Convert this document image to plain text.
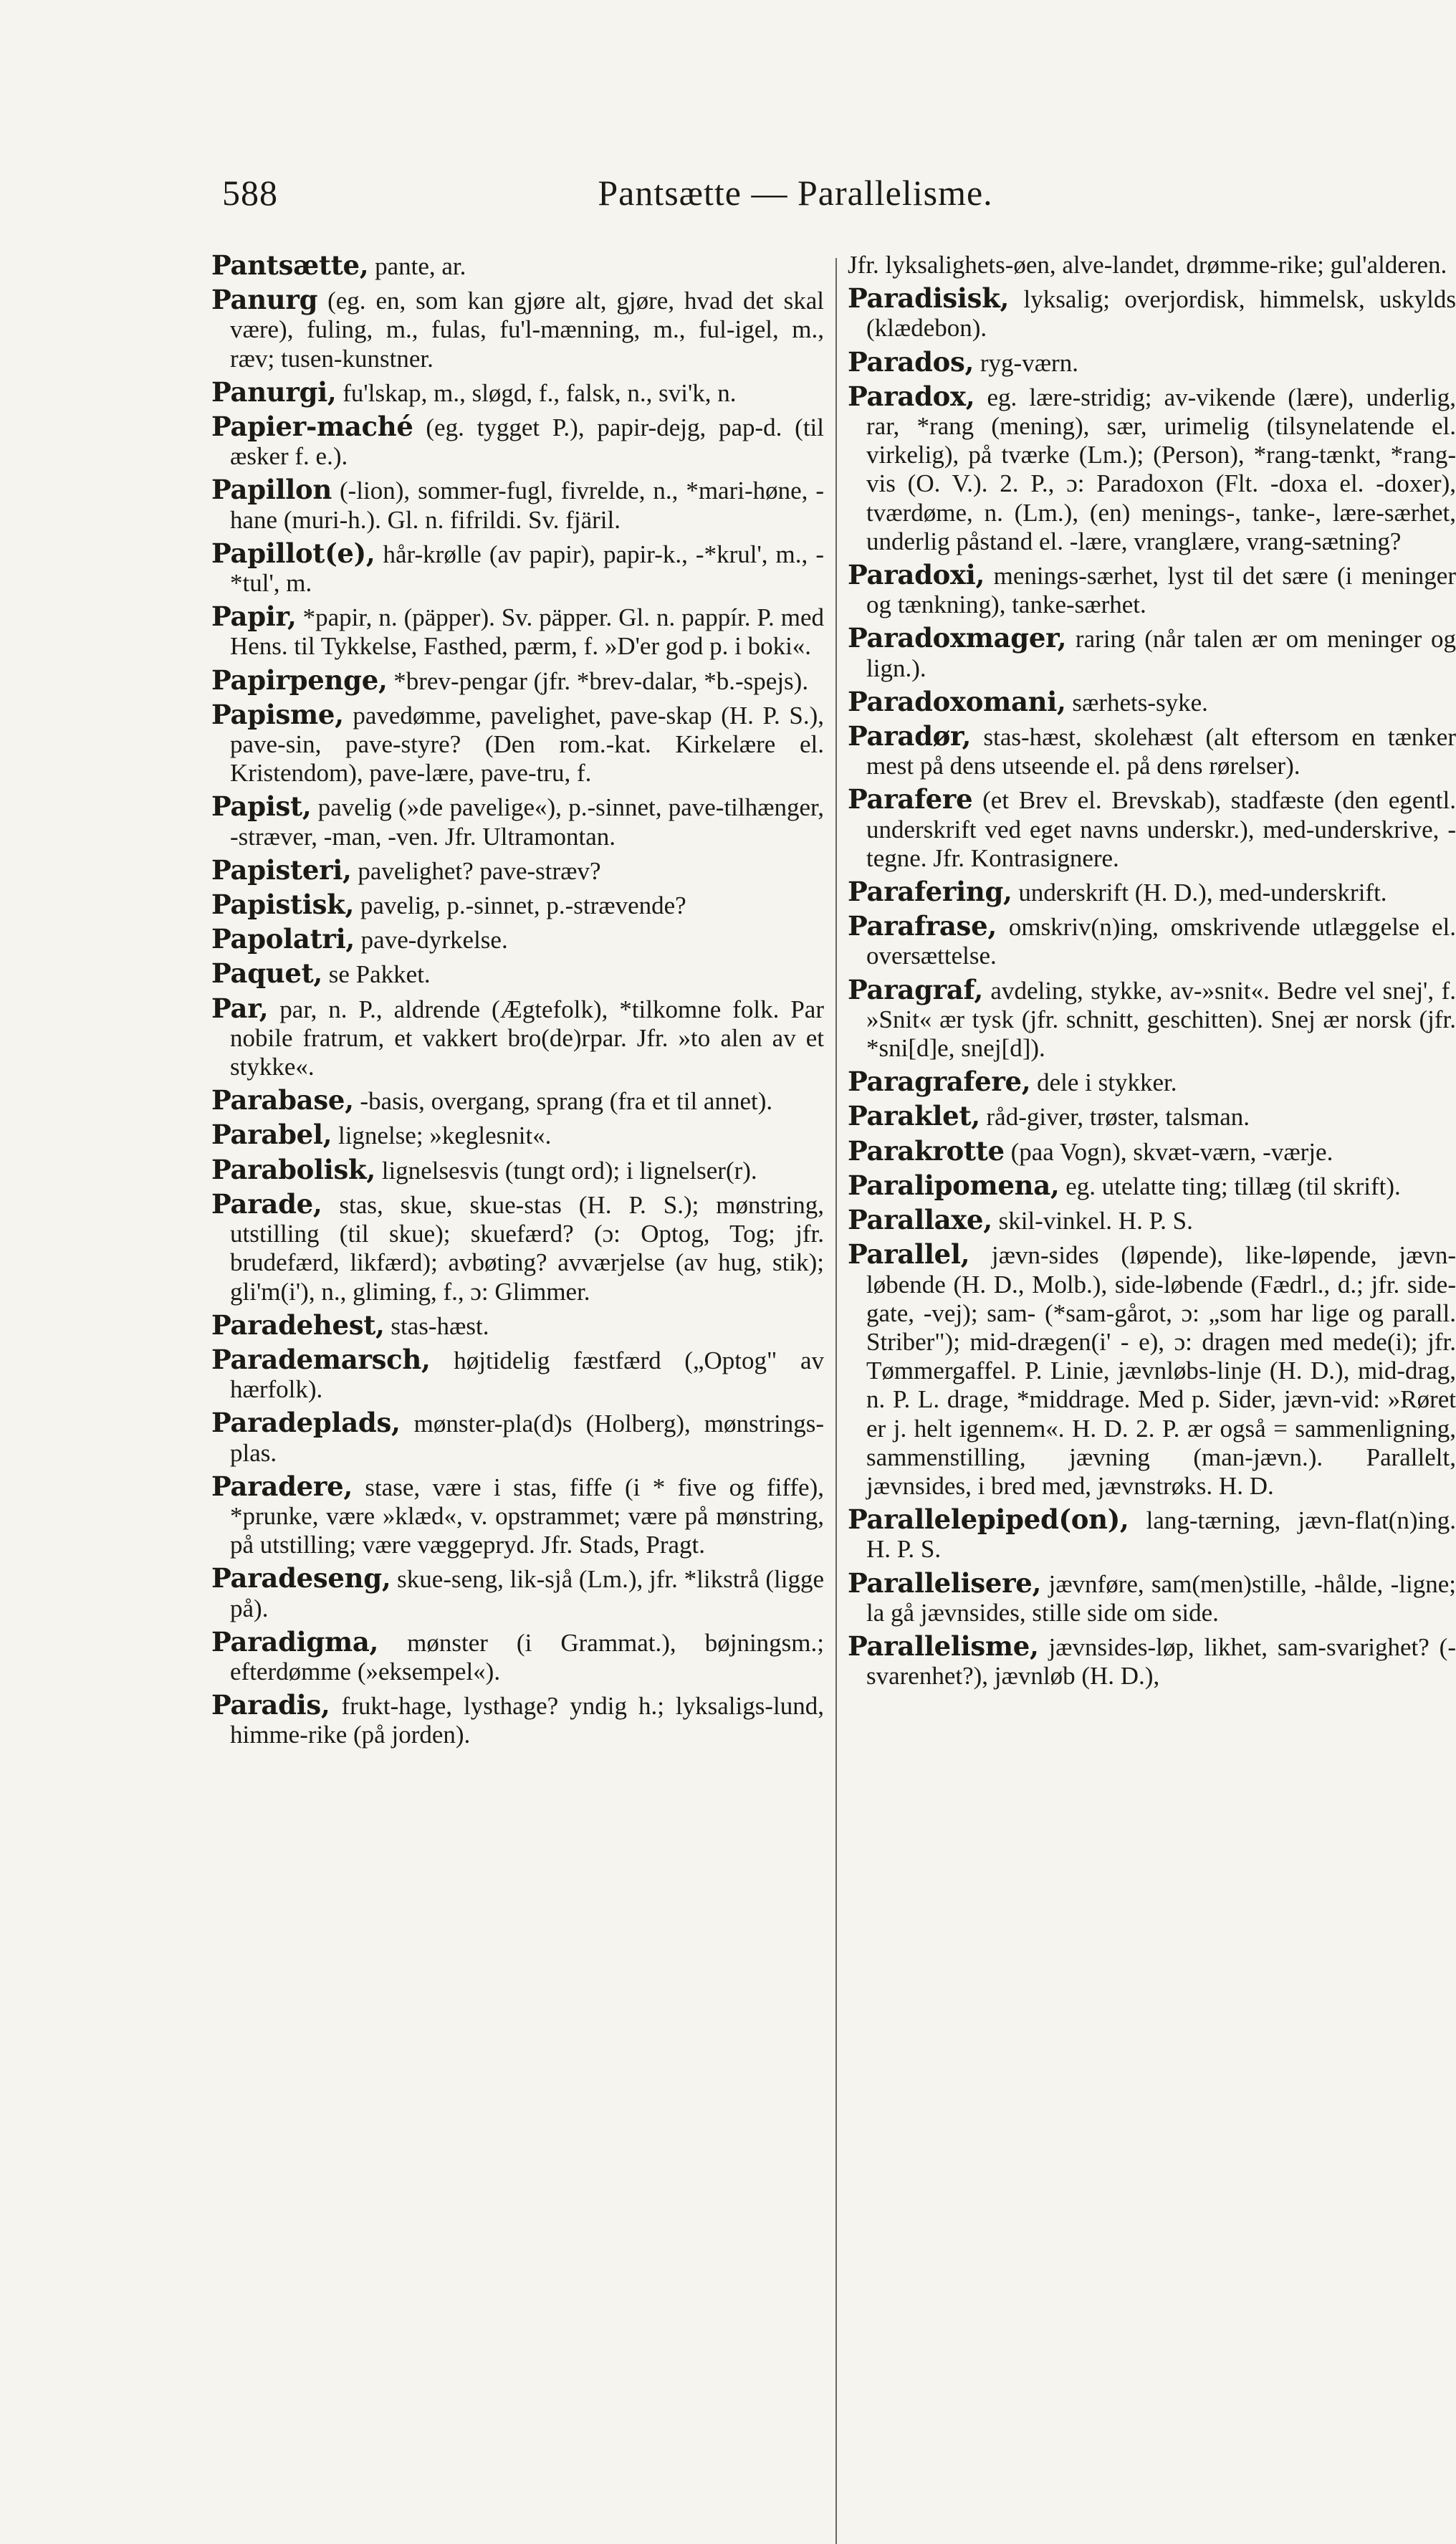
588	Pantsætte — Parallelisme.

Pantsætte, pante, ar.

Panurg (eg. en, som kan gjøre alt, gjøre, hvad det skal være), fuling, m., fulas, fu'l-mænning, m., ful-igel, m., ræv; tusen-kunstner.

Panurgi, fu'lskap, m., sløgd, f., falsk, n., svi'k, n.

Papier-maché (eg. tygget P.), papir-dejg, pap-d. (til æsker f. e.).

Papillon (-lion), sommer-fugl, fivrelde, n., *mari-høne, -hane (muri-h.). Gl. n. fifrildi. Sv. fjäril.

Papillot(e), hår-krølle (av papir), papir-k., -*krul', m., -*tul', m.

Papir, *papir, n. (päpper). Sv. päpper. Gl. n. pappír. P. med Hens. til Tykkelse, Fasthed, pærm, f. »D'er god p. i boki«.

Papirpenge, *brev-pengar (jfr. *brev-dalar, *b.-spejs).

Papisme, pavedømme, pavelighet, pave-skap (H. P. S.), pave-sin, pave-styre? (Den rom.-kat. Kirkelære el. Kristendom), pave-lære, pave-tru, f.

Papist, pavelig (»de pavelige«), p.-sinnet, pave-tilhænger, -stræver, -man, -ven. Jfr. Ultramontan.

Papisteri, pavelighet? pave-stræv?

Papistisk, pavelig, p.-sinnet, p.-strævende?

Papolatri, pave-dyrkelse.

Paquet, se Pakket.

Par, par, n. P., aldrende (Ægtefolk), *tilkomne folk. Par nobile fratrum, et vakkert bro(de)rpar. Jfr. »to alen av et stykke«.

Parabase, -basis, overgang, sprang (fra et til annet).

Parabel, lignelse; »keglesnit«.

Parabolisk, lignelsesvis (tungt ord); i lignelser(r).

Parade, stas, skue, skue-stas (H. P. S.); mønstring, utstilling (til skue); skuefærd? (ɔ: Optog, Tog; jfr. brudefærd, likfærd); avbøting? avværjelse (av hug, stik); gli'm(i'), n., gliming, f., ɔ: Glimmer.

Paradehest, stas-hæst.

Parademarsch, højtidelig fæstfærd („Optog" av hærfolk).

Paradeplads, mønster-pla(d)s (Holberg), mønstrings-plas.

Paradere, stase, være i stas, fiffe (i * five og fiffe), *prunke, være »klæd«, v. opstrammet; være på mønstring, på utstilling; være væggepryd. Jfr. Stads, Pragt.

Paradeseng, skue-seng, lik-sjå (Lm.), jfr. *likstrå (ligge på).

Paradigma, mønster (i Grammat.), bøjningsm.; efterdømme (»eksempel«).

Paradis, frukt-hage, lysthage? yndig h.; lyksaligs-lund, himme-rike (på jorden).

Jfr. lyksalighets-øen, alve-landet, drømme-rike; gul'alderen.

Paradisisk, lyksalig; overjordisk, himmelsk, uskylds (klædebon).

Parados, ryg-værn.

Paradox, eg. lære-stridig; av-vikende (lære), underlig, rar, *rang (mening), sær, urimelig (tilsynelatende el. virkelig), på tværke (Lm.); (Person), *rang-tænkt, *rang-vis (O. V.). 2. P., ɔ: Paradoxon (Flt. -doxa el. -doxer), tværdøme, n. (Lm.), (en) menings-, tanke-, lære-særhet, underlig påstand el. -lære, vranglære, vrang-sætning?

Paradoxi, menings-særhet, lyst til det sære (i meninger og tænkning), tanke-særhet.

Paradoxmager, raring (når talen ær om meninger og lign.).

Paradoxomani, særhets-syke.

Paradør, stas-hæst, skolehæst (alt eftersom en tænker mest på dens utseende el. på dens rørelser).

Parafere (et Brev el. Brevskab), stadfæste (den egentl. underskrift ved eget navns underskr.), med-underskrive, -tegne. Jfr. Kontrasignere.

Parafering, underskrift (H. D.), med-underskrift.

Parafrase, omskriv(n)ing, omskrivende utlæggelse el. oversættelse.

Paragraf, avdeling, stykke, av-»snit«. Bedre vel snej', f. »Snit« ær tysk (jfr. schnitt, geschitten). Snej ær norsk (jfr. *sni[d]e, snej[d]).

Paragrafere, dele i stykker.

Paraklet, råd-giver, trøster, talsman.

Parakrotte (paa Vogn), skvæt-værn, -værje.

Paralipomena, eg. utelatte ting; tillæg (til skrift).

Parallaxe, skil-vinkel. H. P. S.

Parallel, jævn-sides (løpende), like-løpende, jævn-løbende (H. D., Molb.), side-løbende (Fædrl., d.; jfr. side-gate, -vej); sam- (*sam-gårot, ɔ: „som har lige og parall. Striber"); mid-drægen(i' - e), ɔ: dragen med mede(i); jfr. Tømmergaffel. P. Linie, jævnløbs-linje (H. D.), mid-drag, n. P. L. drage, *middrage. Med p. Sider, jævn-vid: »Røret er j. helt igennem«. H. D. 2. P. ær også = sammenligning, sammenstilling, jævning (man-jævn.). Parallelt, jævnsides, i bred med, jævnstrøks. H. D.

Parallelepiped(on), lang-tærning, jævn-flat(n)ing. H. P. S.

Parallelisere, jævnføre, sam(men)stille, -hålde, -ligne; la gå jævnsides, stille side om side.

Parallelisme, jævnsides-løp, likhet, sam-svarighet? (-svarenhet?), jævnløb (H. D.),
